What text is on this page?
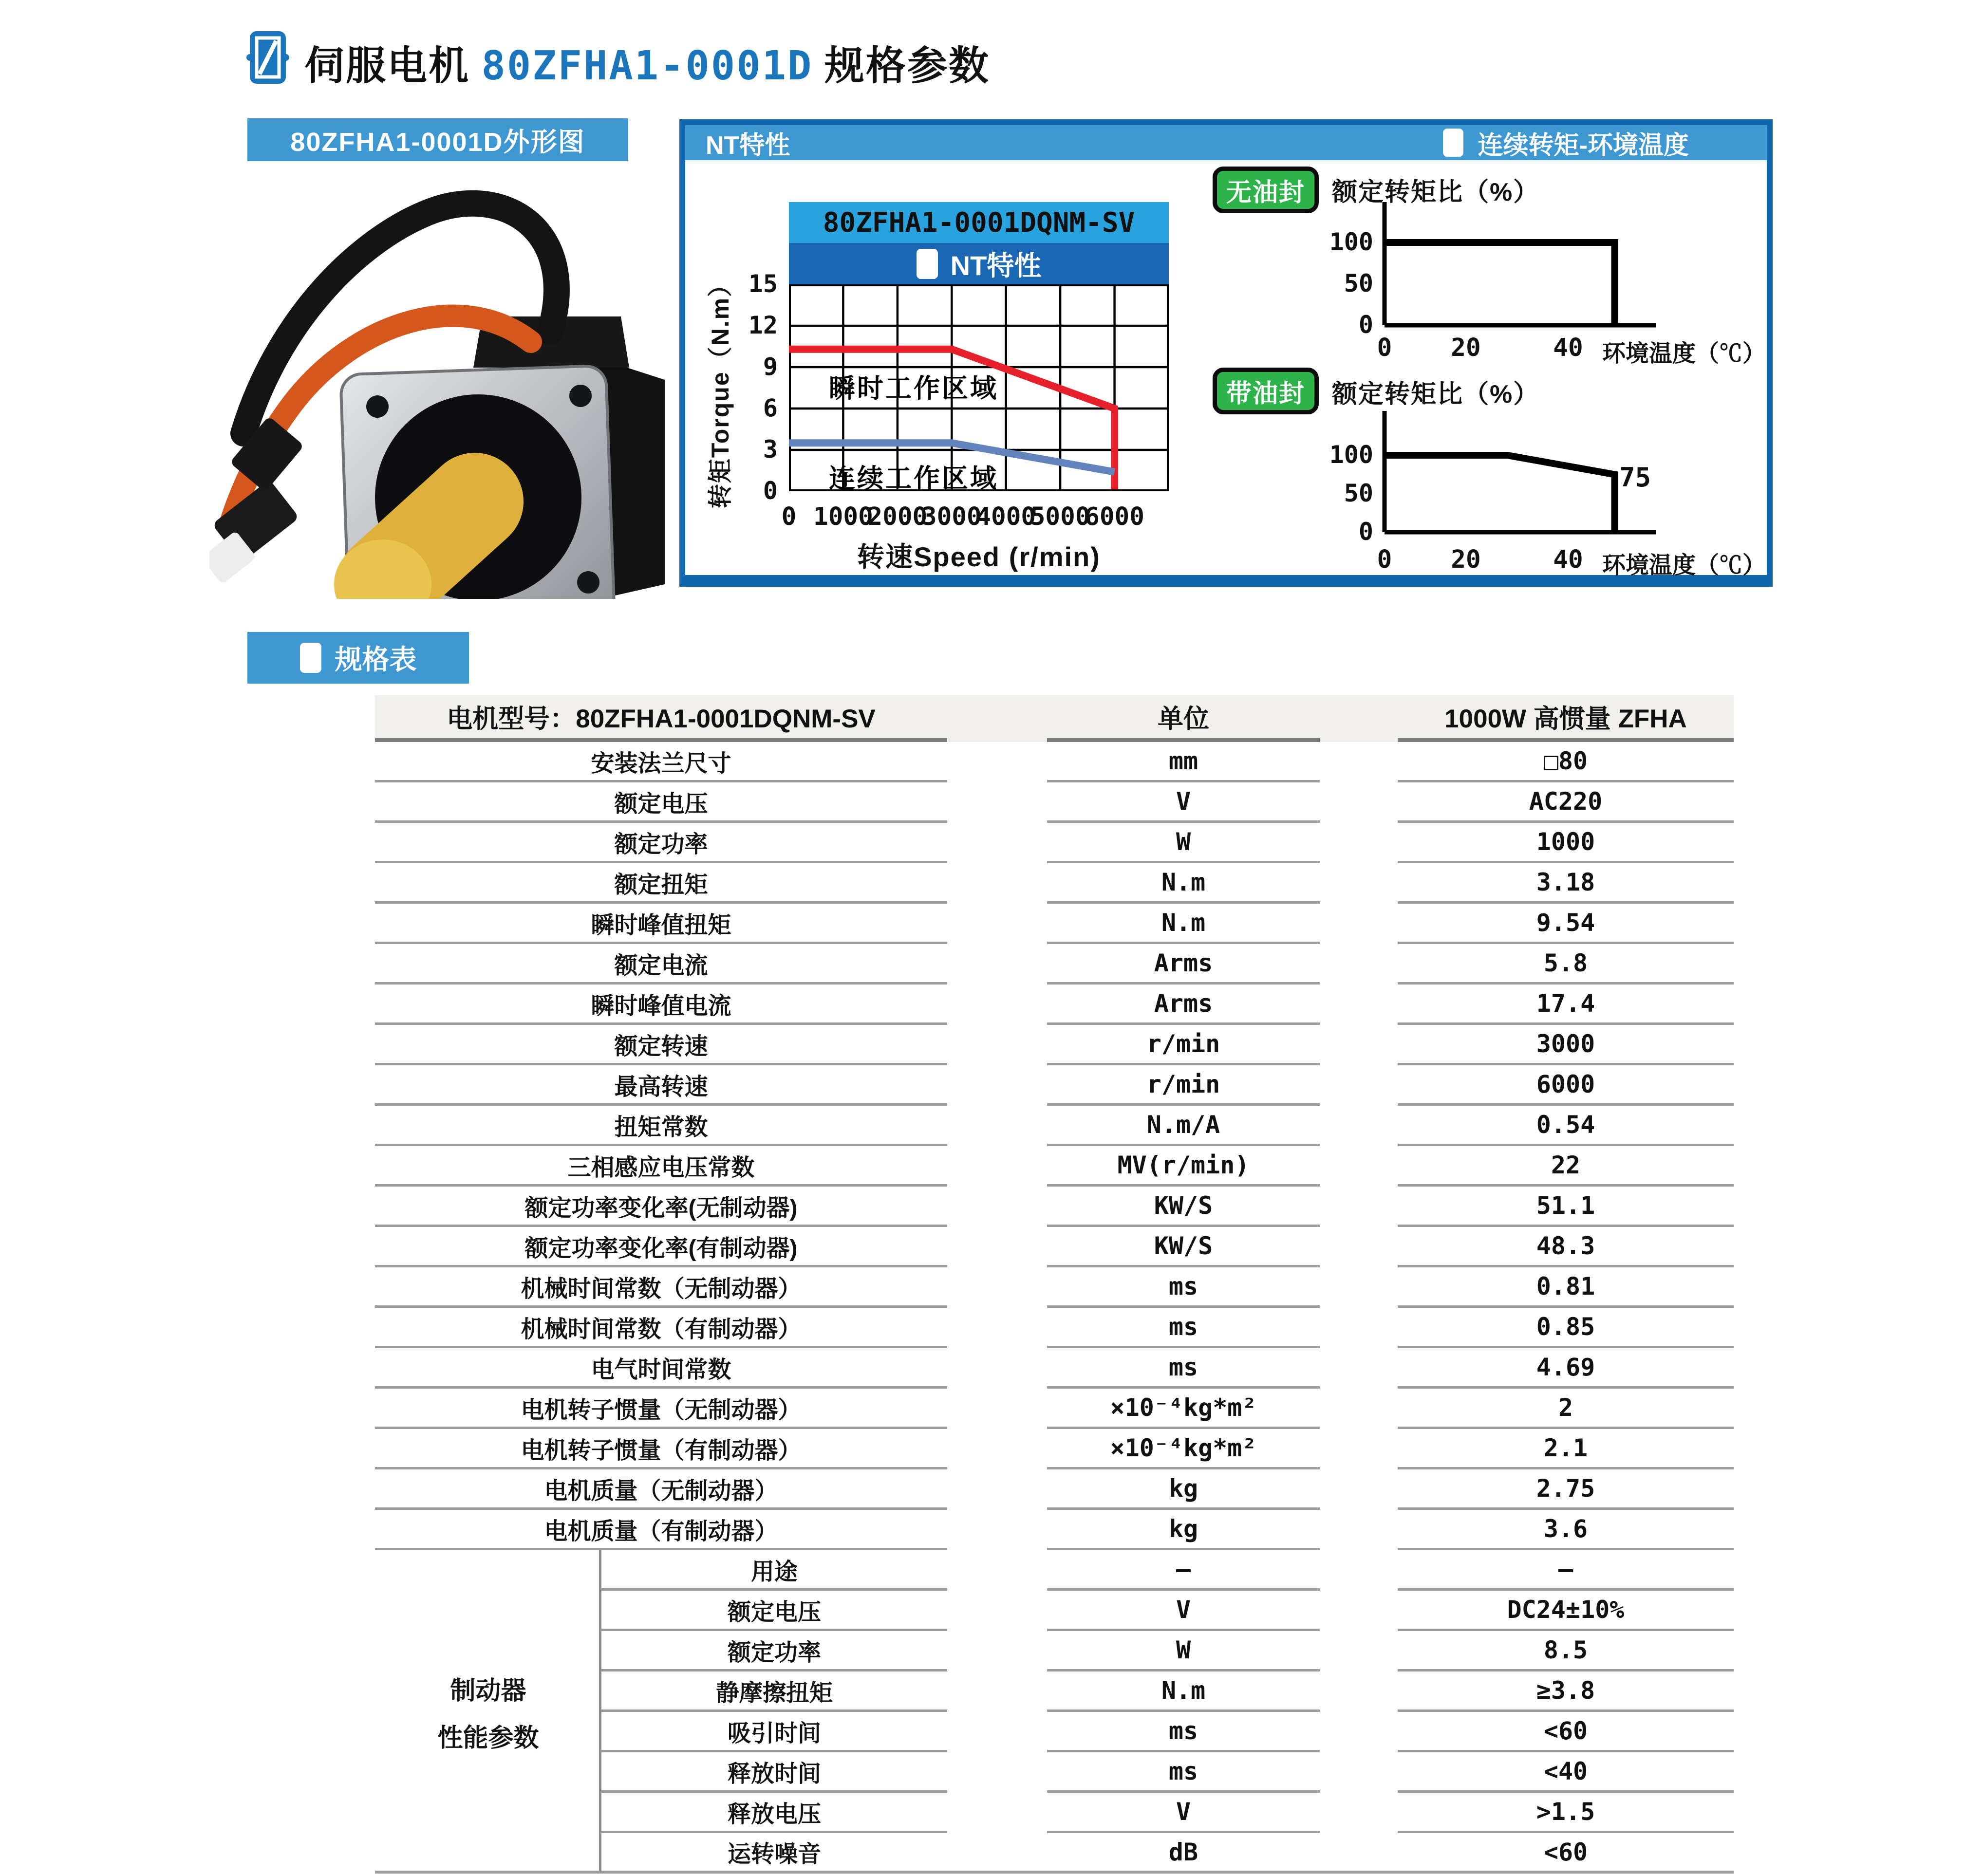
伺服电机  80ZFHA1-0001D  规格参数
80ZFHA1-0001D外形图	NT特性	连续转矩-环境温度
80ZFHA1-0001DQNM-SV
NT特性
瞬时工作区域
连续工作区域
0
3
6
9
12
15
0 1000
2000
3000
4000
5000
6000
转矩Torque（N.m）
转速Speed (r/min)
无油封	额定转矩比（%）
0
50
100
0	20	40 环境温度（℃）
带油封	额定转矩比（%）
0
50
100
0	20	40 环境温度（℃）
75
规格表
电机型号：80ZFHA1-0001DQNM-SV	单位	1000W 高惯量 ZFHA
安装法兰尺寸	mm	□80
额定电压	V	AC220
额定功率	W	1000
额定扭矩	N.m	3.18
瞬时峰值扭矩	N.m	9.54
额定电流	Arms	5.8
瞬时峰值电流	Arms	17.4
额定转速	r/min	3000
最高转速	r/min	6000
扭矩常数	N.m/A	0.54
三相感应电压常数	MV(r/min)	22
额定功率变化率(无制动器)	KW/S	51.1
额定功率变化率(有制动器)	KW/S	48.3
机械时间常数（无制动器）	ms	0.81
机械时间常数（有制动器）	ms	0.85
电气时间常数	ms	4.69
电机转子惯量（无制动器）	×10⁻⁴kg*m²	2
电机转子惯量（有制动器）	×10⁻⁴kg*m²	2.1
电机质量（无制动器）	kg	2.75
电机质量（有制动器）	kg	3.6
用途	—	—
额定电压	V	DC24±10%
额定功率	W	8.5
静摩擦扭矩	N.m	≥3.8
吸引时间	ms	<60
释放时间	ms	<40
释放电压	V	>1.5
运转噪音	dB	<60
制动器
性能参数
